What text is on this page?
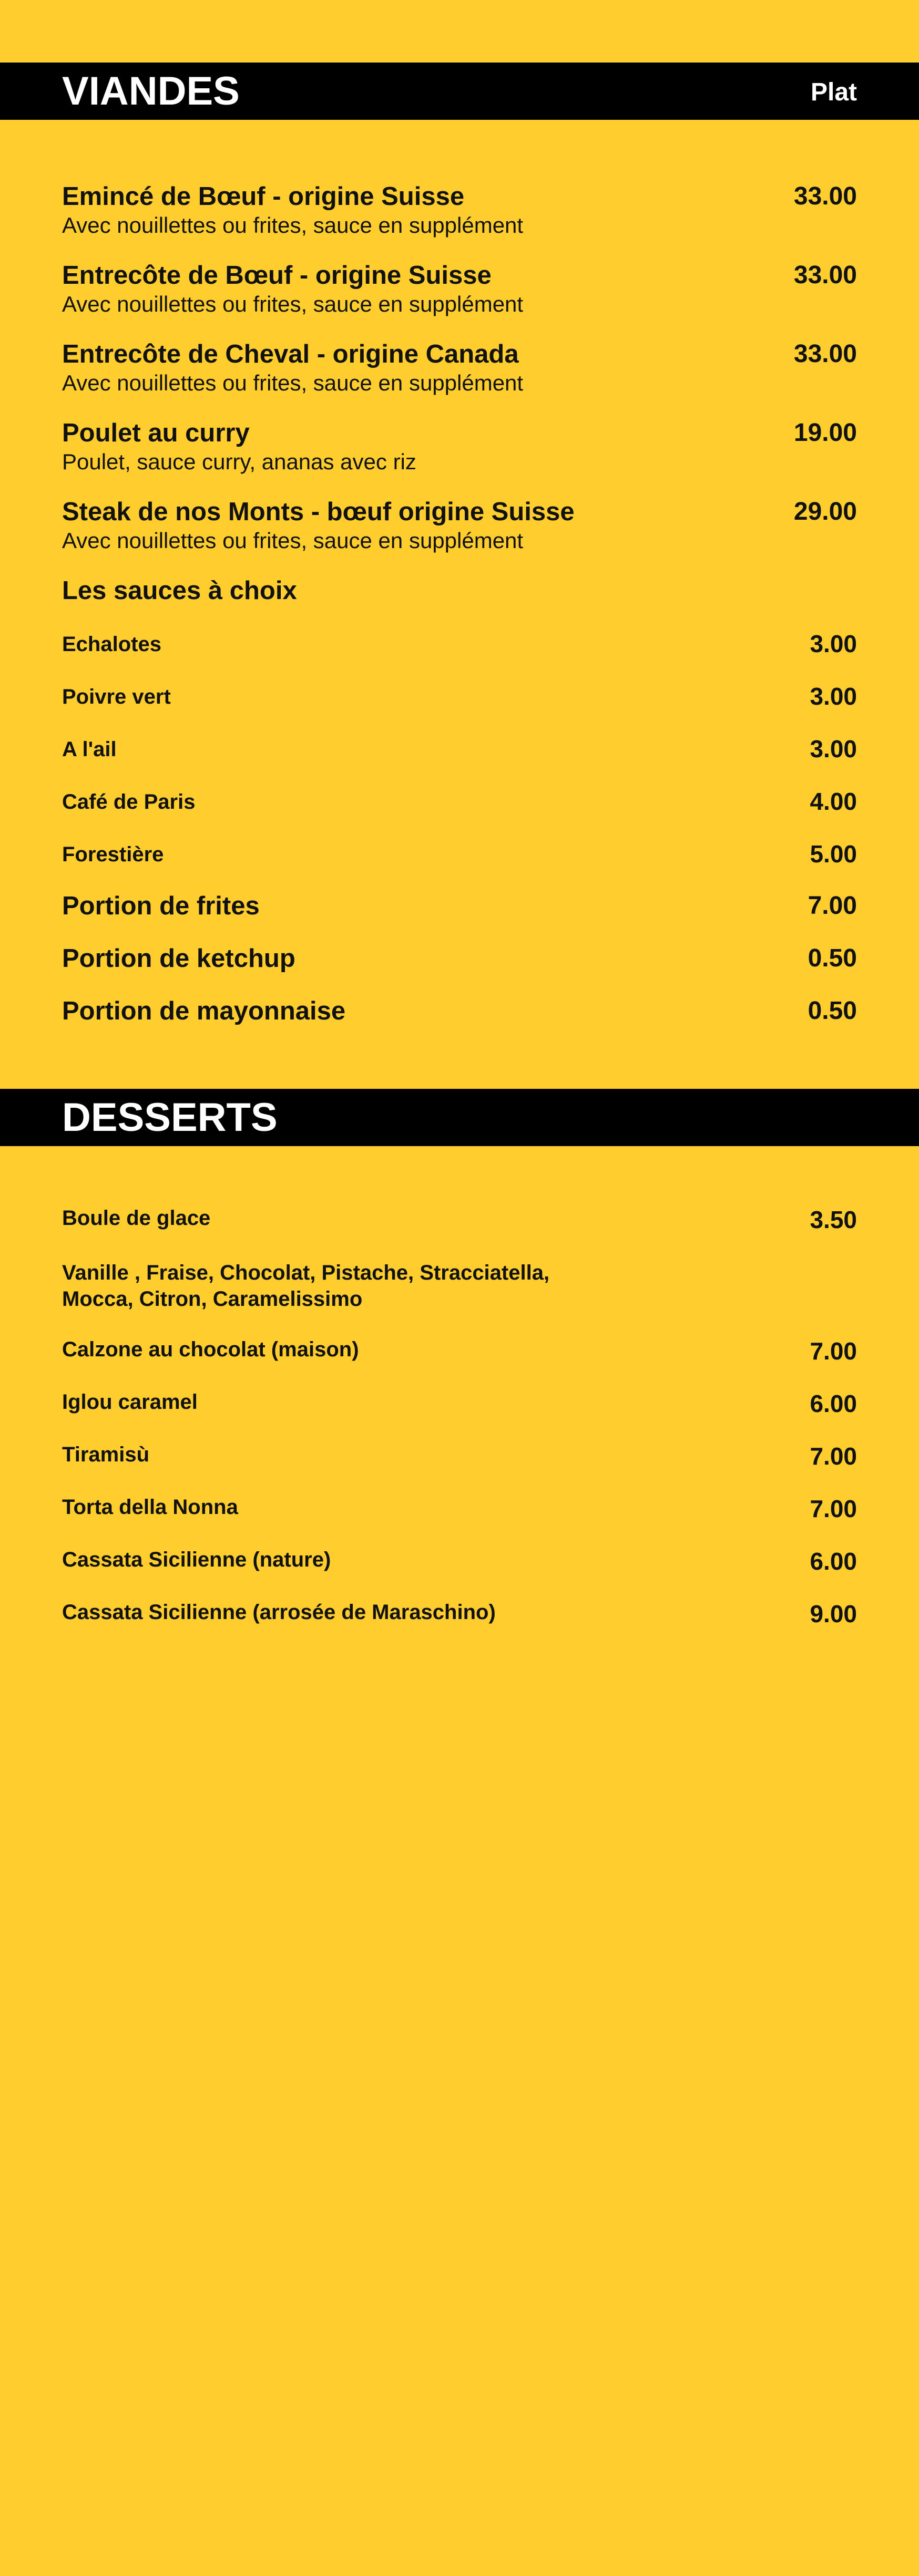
VIANDES	Plat
Emincé de Bœuf - origine Suisse
Avec nouillettes ou frites, sauce en supplément
33.00
Entrecôte de Bœuf - origine Suisse
Avec nouillettes ou frites, sauce en supplément
33.00
Entrecôte de Cheval - origine Canada
Avec nouillettes ou frites, sauce en supplément
33.00
Poulet au curry
Poulet, sauce curry, ananas avec riz
19.00
Steak de nos Monts - bœuf origine Suisse
Avec nouillettes ou frites, sauce en supplément
29.00
Les sauces à choix
Echalotes	3.00
Poivre vert	3.00
A l'ail	3.00
Café de Paris	4.00
Forestière	5.00
Portion de frites	7.00
Portion de ketchup	0.50
Portion de mayonnaise	0.50
DESSERTS
Boule de glace	3.50
Vanille , Fraise, Chocolat, Pistache, Stracciatella,
Mocca, Citron, Caramelissimo
Calzone au chocolat (maison)	7.00
Iglou caramel	6.00
Tiramisù	7.00
Torta della Nonna	7.00
Cassata Sicilienne (nature)	6.00
Cassata Sicilienne (arrosée de Maraschino)	9.00
